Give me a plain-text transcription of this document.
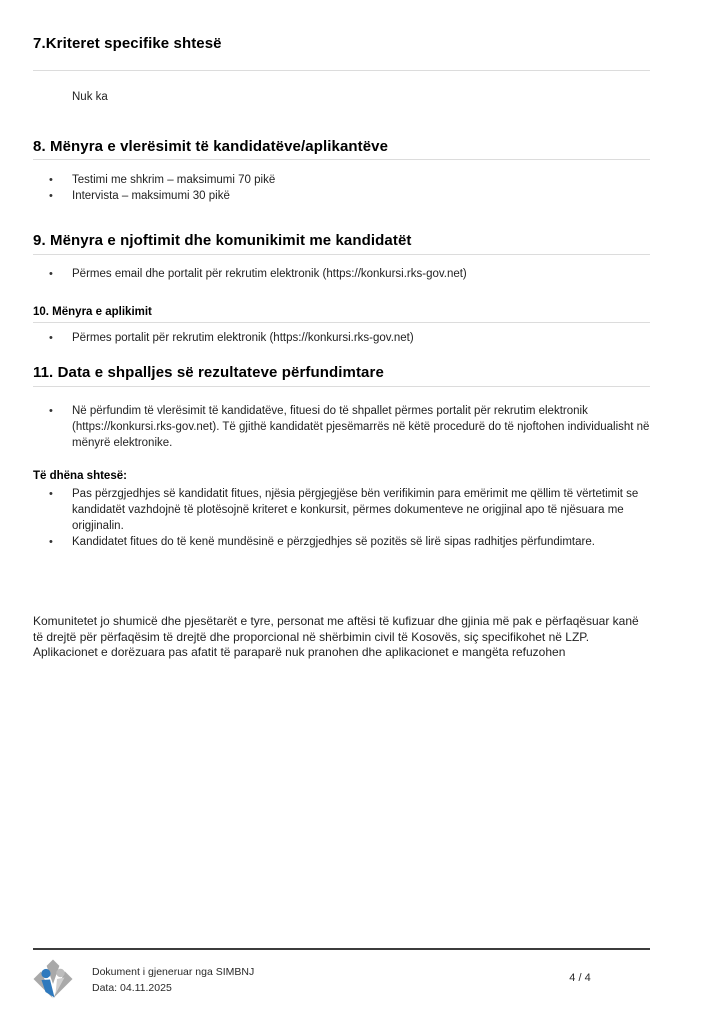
7.Kriteret specifike shtesë

Nuk ka

8. Mënyra e vlerësimit të kandidatëve/aplikantëve
•	Testimi me shkrim – maksimumi 70 pikë
•	Intervista – maksimumi 30 pikë
9. Mënyra e njoftimit dhe komunikimit me kandidatët
•	Përmes email dhe portalit për rekrutim elektronik (https://konkursi.rks-gov.net)
10. Mënyra e aplikimit
•	Përmes portalit për rekrutim elektronik (https://konkursi.rks-gov.net)
11. Data e shpalljes së rezultateve përfundimtare
•	Në përfundim të vlerësimit të kandidatëve, fituesi do të shpallet përmes portalit për rekrutim elektronik (https://konkursi.rks-gov.net). Të gjithë kandidatët pjesëmarrës në këtë procedurë do të njoftohen individualisht në mënyrë elektronike.
Të dhëna shtesë:
•	Pas përzgjedhjes së kandidatit fitues, njësia përgjegjëse bën verifikimin para emërimit me qëllim të vërtetimit se kandidatët vazhdojnë të plotësojnë kriteret e konkursit, përmes dokumenteve ne origjinal apo të njësuara me origjinalin.
•	Kandidatet fitues do të kenë mundësinë e përzgjedhjes së pozitës së lirë sipas radhitjes përfundimtare.

Komunitetet jo shumicë dhe pjesëtarët e tyre, personat me aftësi të kufizuar dhe gjinia më pak e përfaqësuar kanë të drejtë për përfaqësim të drejtë dhe proporcional në shërbimin civil të Kosovës, siç specifikohet në LZP. Aplikacionet e dorëzuara pas afatit të paraparë nuk pranohen dhe aplikacionet e mangëta refuzohen

Dokument i gjeneruar nga SIMBNJ
Data: 04.11.2025
4 / 4
